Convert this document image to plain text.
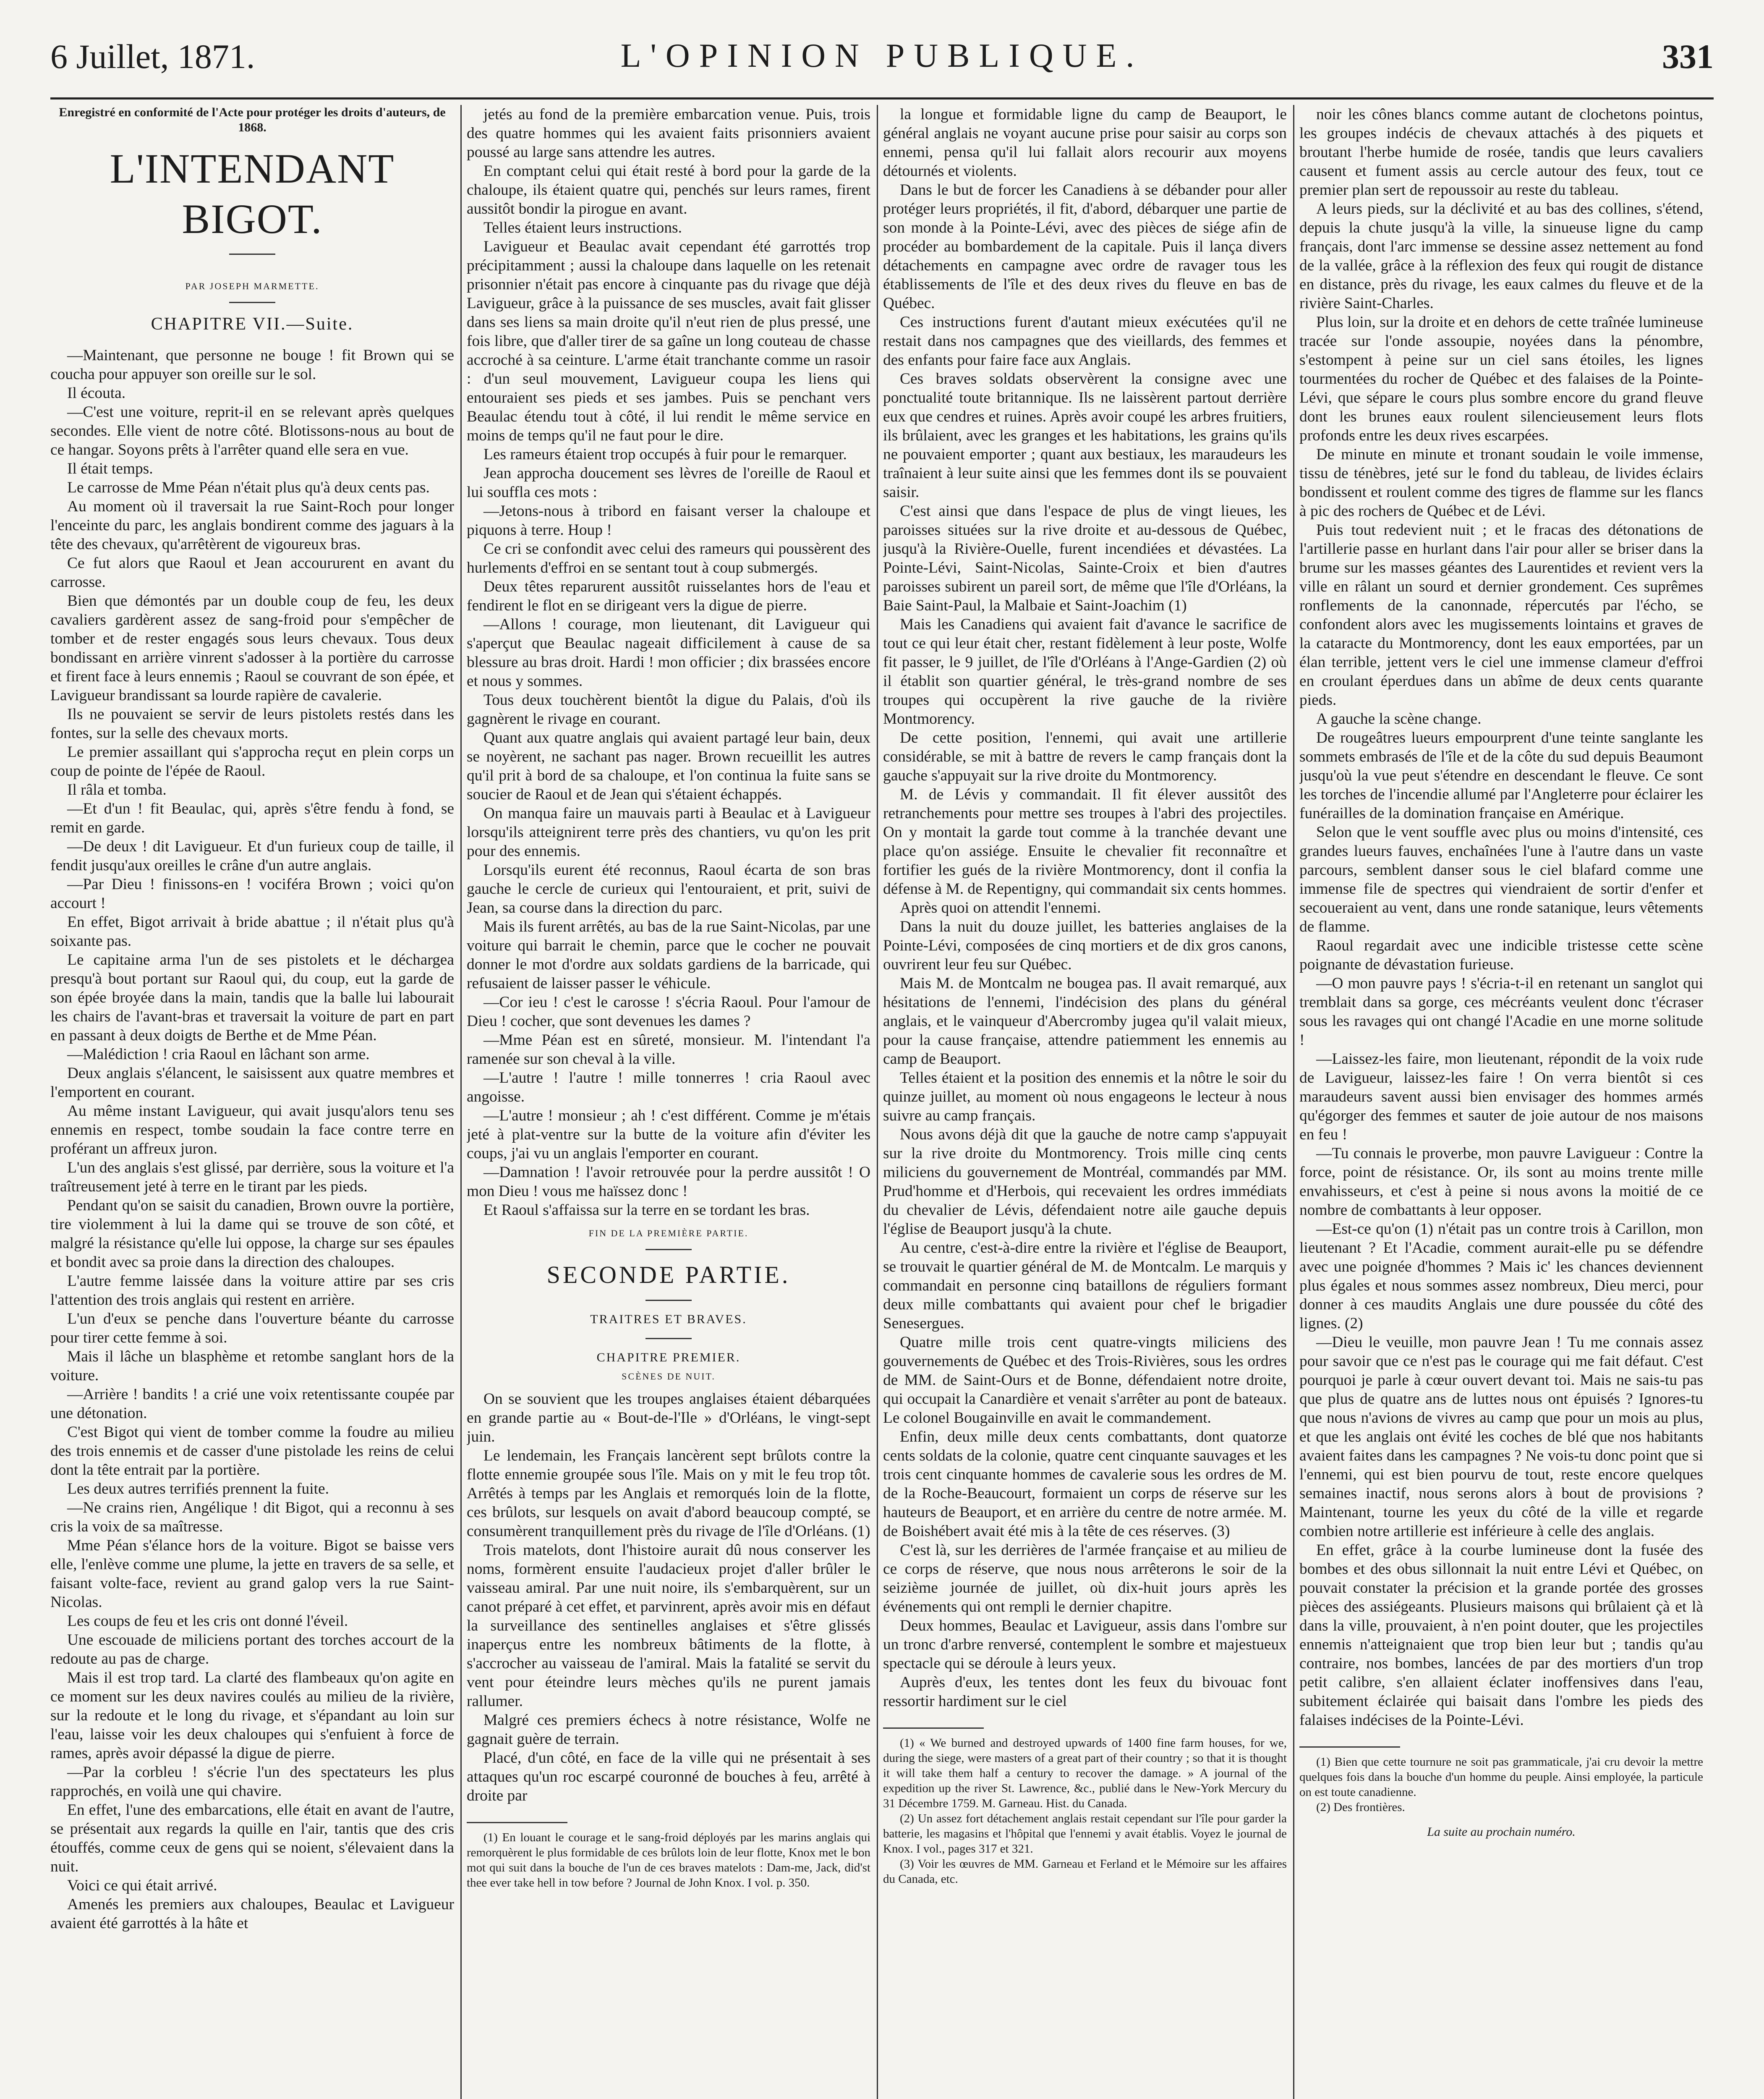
6 Juillet, 1871.	L'OPINION PUBLIQUE.	331

Enregistré en conformité de l'Acte pour protéger les droits d'auteurs, de 1868.

L'INTENDANT BIGOT.
PAR JOSEPH MARMETTE.
CHAPITRE VII.—Suite.

—Maintenant, que personne ne bouge ! fit Brown qui se coucha pour appuyer son oreille sur le sol.

Il écouta.

—C'est une voiture, reprit-il en se relevant après quelques secondes. Elle vient de notre côté. Blotissons-nous au bout de ce hangar. Soyons prêts à l'arrêter quand elle sera en vue.

Il était temps.

Le carrosse de Mme Péan n'était plus qu'à deux cents pas.

Au moment où il traversait la rue Saint-Roch pour longer l'enceinte du parc, les anglais bondirent comme des jaguars à la tête des chevaux, qu'arrêtèrent de vigoureux bras.

Ce fut alors que Raoul et Jean accoururent en avant du carrosse.

Bien que démontés par un double coup de feu, les deux cavaliers gardèrent assez de sang-froid pour s'empêcher de tomber et de rester engagés sous leurs chevaux. Tous deux bondissant en arrière vinrent s'adosser à la portière du carrosse et firent face à leurs ennemis ; Raoul se couvrant de son épée, et Lavigueur brandissant sa lourde rapière de cavalerie.

Ils ne pouvaient se servir de leurs pistolets restés dans les fontes, sur la selle des chevaux morts.

Le premier assaillant qui s'approcha reçut en plein corps un coup de pointe de l'épée de Raoul.

Il râla et tomba.

—Et d'un ! fit Beaulac, qui, après s'être fendu à fond, se remit en garde.

—De deux ! dit Lavigueur. Et d'un furieux coup de taille, il fendit jusqu'aux oreilles le crâne d'un autre anglais.

—Par Dieu ! finissons-en ! vociféra Brown ; voici qu'on accourt !

En effet, Bigot arrivait à bride abattue ; il n'était plus qu'à soixante pas.

Le capitaine arma l'un de ses pistolets et le déchargea presqu'à bout portant sur Raoul qui, du coup, eut la garde de son épée broyée dans la main, tandis que la balle lui labourait les chairs de l'avant-bras et traversait la voiture de part en part en passant à deux doigts de Berthe et de Mme Péan.

—Malédiction ! cria Raoul en lâchant son arme.

Deux anglais s'élancent, le saisissent aux quatre membres et l'emportent en courant.

Au même instant Lavigueur, qui avait jusqu'alors tenu ses ennemis en respect, tombe soudain la face contre terre en proférant un affreux juron.

L'un des anglais s'est glissé, par derrière, sous la voiture et l'a traîtreusement jeté à terre en le tirant par les pieds.

Pendant qu'on se saisit du canadien, Brown ouvre la portière, tire violemment à lui la dame qui se trouve de son côté, et malgré la résistance qu'elle lui oppose, la charge sur ses épaules et bondit avec sa proie dans la direction des chaloupes.

L'autre femme laissée dans la voiture attire par ses cris l'attention des trois anglais qui restent en arrière.

L'un d'eux se penche dans l'ouverture béante du carrosse pour tirer cette femme à soi.

Mais il lâche un blasphème et retombe sanglant hors de la voiture.

—Arrière ! bandits ! a crié une voix retentissante coupée par une détonation.

C'est Bigot qui vient de tomber comme la foudre au milieu des trois ennemis et de casser d'une pistolade les reins de celui dont la tête entrait par la portière.

Les deux autres terrifiés prennent la fuite.

—Ne crains rien, Angélique ! dit Bigot, qui a reconnu à ses cris la voix de sa maîtresse.

Mme Péan s'élance hors de la voiture. Bigot se baisse vers elle, l'enlève comme une plume, la jette en travers de sa selle, et faisant volte-face, revient au grand galop vers la rue Saint-Nicolas.

Les coups de feu et les cris ont donné l'éveil.

Une escouade de miliciens portant des torches accourt de la redoute au pas de charge.

Mais il est trop tard. La clarté des flambeaux qu'on agite en ce moment sur les deux navires coulés au milieu de la rivière, sur la redoute et le long du rivage, et s'épandant au loin sur l'eau, laisse voir les deux chaloupes qui s'enfuient à force de rames, après avoir dépassé la digue de pierre.

—Par la corbleu ! s'écrie l'un des spectateurs les plus rapprochés, en voilà une qui chavire.

En effet, l'une des embarcations, elle était en avant de l'autre, se présentait aux regards la quille en l'air, tantis que des cris étouffés, comme ceux de gens qui se noient, s'élevaient dans la nuit.

Voici ce qui était arrivé.

Amenés les premiers aux chaloupes, Beaulac et Lavigueur avaient été garrottés à la hâte et

jetés au fond de la première embarcation venue. Puis, trois des quatre hommes qui les avaient faits prisonniers avaient poussé au large sans attendre les autres.

En comptant celui qui était resté à bord pour la garde de la chaloupe, ils étaient quatre qui, penchés sur leurs rames, firent aussitôt bondir la pirogue en avant.

Telles étaient leurs instructions.

Lavigueur et Beaulac avait cependant été garrottés trop précipitamment ; aussi la chaloupe dans laquelle on les retenait prisonnier n'était pas encore à cinquante pas du rivage que déjà Lavigueur, grâce à la puissance de ses muscles, avait fait glisser dans ses liens sa main droite qu'il n'eut rien de plus pressé, une fois libre, que d'aller tirer de sa gaîne un long couteau de chasse accroché à sa ceinture. L'arme était tranchante comme un rasoir : d'un seul mouvement, Lavigueur coupa les liens qui entouraient ses pieds et ses jambes. Puis se penchant vers Beaulac étendu tout à côté, il lui rendit le même service en moins de temps qu'il ne faut pour le dire.

Les rameurs étaient trop occupés à fuir pour le remarquer.

Jean approcha doucement ses lèvres de l'oreille de Raoul et lui souffla ces mots :

—Jetons-nous à tribord en faisant verser la chaloupe et piquons à terre. Houp !

Ce cri se confondit avec celui des rameurs qui poussèrent des hurlements d'effroi en se sentant tout à coup submergés.

Deux têtes reparurent aussitôt ruisselantes hors de l'eau et fendirent le flot en se dirigeant vers la digue de pierre.

—Allons ! courage, mon lieutenant, dit Lavigueur qui s'aperçut que Beaulac nageait difficilement à cause de sa blessure au bras droit. Hardi ! mon officier ; dix brassées encore et nous y sommes.

Tous deux touchèrent bientôt la digue du Palais, d'où ils gagnèrent le rivage en courant.

Quant aux quatre anglais qui avaient partagé leur bain, deux se noyèrent, ne sachant pas nager. Brown recueillit les autres qu'il prit à bord de sa chaloupe, et l'on continua la fuite sans se soucier de Raoul et de Jean qui s'étaient échappés.

On manqua faire un mauvais parti à Beaulac et à Lavigueur lorsqu'ils atteignirent terre près des chantiers, vu qu'on les prit pour des ennemis.

Lorsqu'ils eurent été reconnus, Raoul écarta de son bras gauche le cercle de curieux qui l'entouraient, et prit, suivi de Jean, sa course dans la direction du parc.

Mais ils furent arrêtés, au bas de la rue Saint-Nicolas, par une voiture qui barrait le chemin, parce que le cocher ne pouvait donner le mot d'ordre aux soldats gardiens de la barricade, qui refusaient de laisser passer le véhicule.

—Cor ieu ! c'est le carosse ! s'écria Raoul. Pour l'amour de Dieu ! cocher, que sont devenues les dames ?

—Mme Péan est en sûreté, monsieur. M. l'intendant l'a ramenée sur son cheval à la ville.

—L'autre ! l'autre ! mille tonnerres ! cria Raoul avec angoisse.

—L'autre ! monsieur ; ah ! c'est différent. Comme je m'étais jeté à plat-ventre sur la butte de la voiture afin d'éviter les coups, j'ai vu un anglais l'emporter en courant.

—Damnation ! l'avoir retrouvée pour la perdre aussitôt ! O mon Dieu ! vous me haïssez donc !

Et Raoul s'affaissa sur la terre en se tordant les bras.

FIN DE LA PREMIÈRE PARTIE.
SECONDE PARTIE.
TRAITRES ET BRAVES.
CHAPITRE PREMIER.
SCÈNES DE NUIT.

On se souvient que les troupes anglaises étaient débarquées en grande partie au « Bout-de-l'Ile » d'Orléans, le vingt-sept juin.

Le lendemain, les Français lancèrent sept brûlots contre la flotte ennemie groupée sous l'île. Mais on y mit le feu trop tôt. Arrêtés à temps par les Anglais et remorqués loin de la flotte, ces brûlots, sur lesquels on avait d'abord beaucoup compté, se consumèrent tranquillement près du rivage de l'île d'Orléans. (1)

Trois matelots, dont l'histoire aurait dû nous conserver les noms, formèrent ensuite l'audacieux projet d'aller brûler le vaisseau amiral. Par une nuit noire, ils s'embarquèrent, sur un canot préparé à cet effet, et parvinrent, après avoir mis en défaut la surveillance des sentinelles anglaises et s'être glissés inaperçus entre les nombreux bâtiments de la flotte, à s'accrocher au vaisseau de l'amiral. Mais la fatalité se servit du vent pour éteindre leurs mèches qu'ils ne purent jamais rallumer.

Malgré ces premiers échecs à notre résistance, Wolfe ne gagnait guère de terrain.

Placé, d'un côté, en face de la ville qui ne présentait à ses attaques qu'un roc escarpé couronné de bouches à feu, arrêté à droite par

(1) En louant le courage et le sang-froid déployés par les marins anglais qui remorquèrent le plus formidable de ces brûlots loin de leur flotte, Knox met le bon mot qui suit dans la bouche de l'un de ces braves matelots : Dam-me, Jack, did'st thee ever take hell in tow before ? Journal de John Knox. I vol. p. 350.

la longue et formidable ligne du camp de Beauport, le général anglais ne voyant aucune prise pour saisir au corps son ennemi, pensa qu'il lui fallait alors recourir aux moyens détournés et violents.

Dans le but de forcer les Canadiens à se débander pour aller protéger leurs propriétés, il fit, d'abord, débarquer une partie de son monde à la Pointe-Lévi, avec des pièces de siége afin de procéder au bombardement de la capitale. Puis il lança divers détachements en campagne avec ordre de ravager tous les établissements de l'île et des deux rives du fleuve en bas de Québec.

Ces instructions furent d'autant mieux exécutées qu'il ne restait dans nos campagnes que des vieillards, des femmes et des enfants pour faire face aux Anglais.

Ces braves soldats observèrent la consigne avec une ponctualité toute britannique. Ils ne laissèrent partout derrière eux que cendres et ruines. Après avoir coupé les arbres fruitiers, ils brûlaient, avec les granges et les habitations, les grains qu'ils ne pouvaient emporter ; quant aux bestiaux, les maraudeurs les traînaient à leur suite ainsi que les femmes dont ils se pouvaient saisir.

C'est ainsi que dans l'espace de plus de vingt lieues, les paroisses situées sur la rive droite et au-dessous de Québec, jusqu'à la Rivière-Ouelle, furent incendiées et dévastées. La Pointe-Lévi, Saint-Nicolas, Sainte-Croix et bien d'autres paroisses subirent un pareil sort, de même que l'île d'Orléans, la Baie Saint-Paul, la Malbaie et Saint-Joachim (1)

Mais les Canadiens qui avaient fait d'avance le sacrifice de tout ce qui leur était cher, restant fidèlement à leur poste, Wolfe fit passer, le 9 juillet, de l'île d'Orléans à l'Ange-Gardien (2) où il établit son quartier général, le très-grand nombre de ses troupes qui occupèrent la rive gauche de la rivière Montmorency.

De cette position, l'ennemi, qui avait une artillerie considérable, se mit à battre de revers le camp français dont la gauche s'appuyait sur la rive droite du Montmorency.

M. de Lévis y commandait. Il fit élever aussitôt des retranchements pour mettre ses troupes à l'abri des projectiles. On y montait la garde tout comme à la tranchée devant une place qu'on assiége. Ensuite le chevalier fit reconnaître et fortifier les gués de la rivière Montmorency, dont il confia la défense à M. de Repentigny, qui commandait six cents hommes.

Après quoi on attendit l'ennemi.

Dans la nuit du douze juillet, les batteries anglaises de la Pointe-Lévi, composées de cinq mortiers et de dix gros canons, ouvrirent leur feu sur Québec.

Mais M. de Montcalm ne bougea pas. Il avait remarqué, aux hésitations de l'ennemi, l'indécision des plans du général anglais, et le vainqueur d'Abercromby jugea qu'il valait mieux, pour la cause française, attendre patiemment les ennemis au camp de Beauport.

Telles étaient et la position des ennemis et la nôtre le soir du quinze juillet, au moment où nous engageons le lecteur à nous suivre au camp français.

Nous avons déjà dit que la gauche de notre camp s'appuyait sur la rive droite du Montmorency. Trois mille cinq cents miliciens du gouvernement de Montréal, commandés par MM. Prud'homme et d'Herbois, qui recevaient les ordres immédiats du chevalier de Lévis, défendaient notre aile gauche depuis l'église de Beauport jusqu'à la chute.

Au centre, c'est-à-dire entre la rivière et l'église de Beauport, se trouvait le quartier général de M. de Montcalm. Le marquis y commandait en personne cinq bataillons de réguliers formant deux mille combattants qui avaient pour chef le brigadier Senesergues.

Quatre mille trois cent quatre-vingts miliciens des gouvernements de Québec et des Trois-Rivières, sous les ordres de MM. de Saint-Ours et de Bonne, défendaient notre droite, qui occupait la Canardière et venait s'arrêter au pont de bateaux. Le colonel Bougainville en avait le commandement.

Enfin, deux mille deux cents combattants, dont quatorze cents soldats de la colonie, quatre cent cinquante sauvages et les trois cent cinquante hommes de cavalerie sous les ordres de M. de la Roche-Beaucourt, formaient un corps de réserve sur les hauteurs de Beauport, et en arrière du centre de notre armée. M. de Boishébert avait été mis à la tête de ces réserves. (3)

C'est là, sur les derrières de l'armée française et au milieu de ce corps de réserve, que nous nous arrêterons le soir de la seizième journée de juillet, où dix-huit jours après les événements qui ont rempli le dernier chapitre.

Deux hommes, Beaulac et Lavigueur, assis dans l'ombre sur un tronc d'arbre renversé, contemplent le sombre et majestueux spectacle qui se déroule à leurs yeux.

Auprès d'eux, les tentes dont les feux du bivouac font ressortir hardiment sur le ciel

(1) « We burned and destroyed upwards of 1400 fine farm houses, for we, during the siege, were masters of a great part of their country ; so that it is thought it will take them half a century to recover the damage. » A journal of the expedition up the river St. Lawrence, &c., publié dans le New-York Mercury du 31 Décembre 1759. M. Garneau. Hist. du Canada.

(2) Un assez fort détachement anglais restait cependant sur l'île pour garder la batterie, les magasins et l'hôpital que l'ennemi y avait établis. Voyez le journal de Knox. I vol., pages 317 et 321.

(3) Voir les œuvres de MM. Garneau et Ferland et le Mémoire sur les affaires du Canada, etc.

noir les cônes blancs comme autant de clochetons pointus, les groupes indécis de chevaux attachés à des piquets et broutant l'herbe humide de rosée, tandis que leurs cavaliers causent et fument assis au cercle autour des feux, tout ce premier plan sert de repoussoir au reste du tableau.

A leurs pieds, sur la déclivité et au bas des collines, s'étend, depuis la chute jusqu'à la ville, la sinueuse ligne du camp français, dont l'arc immense se dessine assez nettement au fond de la vallée, grâce à la réflexion des feux qui rougit de distance en distance, près du rivage, les eaux calmes du fleuve et de la rivière Saint-Charles.

Plus loin, sur la droite et en dehors de cette traînée lumineuse tracée sur l'onde assoupie, noyées dans la pénombre, s'estompent à peine sur un ciel sans étoiles, les lignes tourmentées du rocher de Québec et des falaises de la Pointe-Lévi, que sépare le cours plus sombre encore du grand fleuve dont les brunes eaux roulent silencieusement leurs flots profonds entre les deux rives escarpées.

De minute en minute et tronant soudain le voile immense, tissu de ténèbres, jeté sur le fond du tableau, de livides éclairs bondissent et roulent comme des tigres de flamme sur les flancs à pic des rochers de Québec et de Lévi.

Puis tout redevient nuit ; et le fracas des détonations de l'artillerie passe en hurlant dans l'air pour aller se briser dans la brume sur les masses géantes des Laurentides et revient vers la ville en râlant un sourd et dernier grondement. Ces suprêmes ronflements de la canonnade, répercutés par l'écho, se confondent alors avec les mugissements lointains et graves de la cataracte du Montmorency, dont les eaux emportées, par un élan terrible, jettent vers le ciel une immense clameur d'effroi en croulant éperdues dans un abîme de deux cents quarante pieds.

A gauche la scène change.

De rougeâtres lueurs empourprent d'une teinte sanglante les sommets embrasés de l'île et de la côte du sud depuis Beaumont jusqu'où la vue peut s'étendre en descendant le fleuve. Ce sont les torches de l'incendie allumé par l'Angleterre pour éclairer les funérailles de la domination française en Amérique.

Selon que le vent souffle avec plus ou moins d'intensité, ces grandes lueurs fauves, enchaînées l'une à l'autre dans un vaste parcours, semblent danser sous le ciel blafard comme une immense file de spectres qui viendraient de sortir d'enfer et secoueraient au vent, dans une ronde satanique, leurs vêtements de flamme.

Raoul regardait avec une indicible tristesse cette scène poignante de dévastation furieuse.

—O mon pauvre pays ! s'écria-t-il en retenant un sanglot qui tremblait dans sa gorge, ces mécréants veulent donc t'écraser sous les ravages qui ont changé l'Acadie en une morne solitude !

—Laissez-les faire, mon lieutenant, répondit de la voix rude de Lavigueur, laissez-les faire ! On verra bientôt si ces maraudeurs savent aussi bien envisager des hommes armés qu'égorger des femmes et sauter de joie autour de nos maisons en feu !

—Tu connais le proverbe, mon pauvre Lavigueur : Contre la force, point de résistance. Or, ils sont au moins trente mille envahisseurs, et c'est à peine si nous avons la moitié de ce nombre de combattants à leur opposer.

—Est-ce qu'on (1) n'était pas un contre trois à Carillon, mon lieutenant ? Et l'Acadie, comment aurait-elle pu se défendre avec une poignée d'hommes ? Mais ic' les chances deviennent plus égales et nous sommes assez nombreux, Dieu merci, pour donner à ces maudits Anglais une dure poussée du côté des lignes. (2)

—Dieu le veuille, mon pauvre Jean ! Tu me connais assez pour savoir que ce n'est pas le courage qui me fait défaut. C'est pourquoi je parle à cœur ouvert devant toi. Mais ne sais-tu pas que plus de quatre ans de luttes nous ont épuisés ? Ignores-tu que nous n'avions de vivres au camp que pour un mois au plus, et que les anglais ont évité les coches de blé que nos habitants avaient faites dans les campagnes ? Ne vois-tu donc point que si l'ennemi, qui est bien pourvu de tout, reste encore quelques semaines inactif, nous serons alors à bout de provisions ? Maintenant, tourne les yeux du côté de la ville et regarde combien notre artillerie est inférieure à celle des anglais.

En effet, grâce à la courbe lumineuse dont la fusée des bombes et des obus sillonnait la nuit entre Lévi et Québec, on pouvait constater la précision et la grande portée des grosses pièces des assiégeants. Plusieurs maisons qui brûlaient çà et là dans la ville, prouvaient, à n'en point douter, que les projectiles ennemis n'atteignaient que trop bien leur but ; tandis qu'au contraire, nos bombes, lancées de par des mortiers d'un trop petit calibre, s'en allaient éclater inoffensives dans l'eau, subitement éclairée qui baisait dans l'ombre les pieds des falaises indécises de la Pointe-Lévi.

(1) Bien que cette tournure ne soit pas grammaticale, j'ai cru devoir la mettre quelques fois dans la bouche d'un homme du peuple. Ainsi employée, la particule on est toute canadienne.

(2) Des frontières.

La suite au prochain numéro.
